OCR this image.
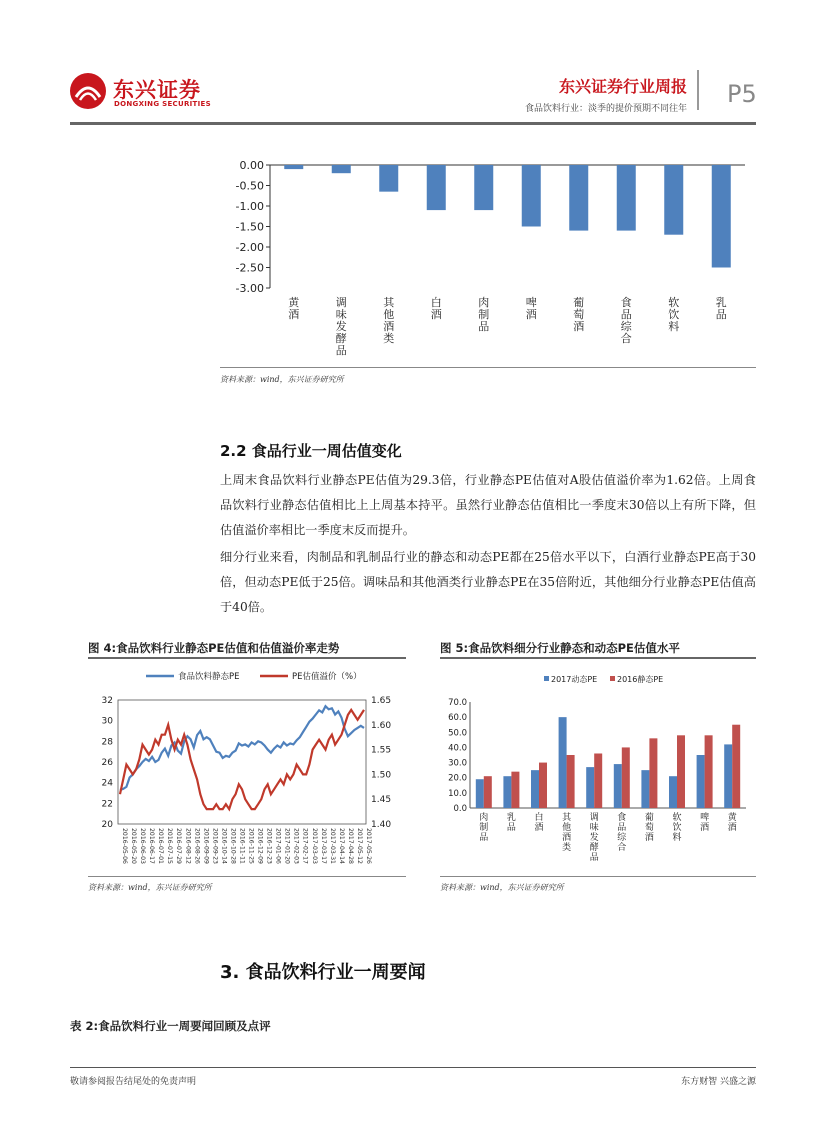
东兴证券
DONGXING SECURITIES
东兴证券行业周报
食品饮料行业：淡季的提价预期不同往年
P5
0.00
-0.50
-1.00
-1.50
-2.00
-2.50
-3.00
黄
酒
调
味
发
酵
品
其
他
酒
类
白
酒
肉
制
品
啤
酒
葡
萄
酒
食
品
综
合
软
饮
料
乳
品
资料来源：wind，东兴证券研究所
2.2 食品行业一周估值变化
上周末食品饮料行业静态PE估值为29.3倍，行业静态PE估值对A股估值溢价率为1.62倍。上周食品饮料行业静态估值相比上上周基本持平。虽然行业静态估值相比一季度末30倍以上有所下降，但估值溢价率相比一季度末反而提升。
细分行业来看，肉制品和乳制品行业的静态和动态PE都在25倍水平以下，白酒行业静态PE高于30倍，但动态PE低于25倍。调味品和其他酒类行业静态PE在35倍附近，其他细分行业静态PE估值高于40倍。
图 4:食品饮料行业静态PE估值和估值溢价率走势	图 5:食品饮料细分行业静态和动态PE估值水平
20
22
24
26
28
30
32
1.40
1.45
1.50
1.55
1.60
1.65
食品饮料静态PE	PE估值溢价（%）
2016-05-06 2016-05-20 2016-06-03 2016-06-17 2016-07-01 2016-07-15 2016-07-29 2016-08-12 2016-08-26 2016-09-09 2016-09-23 2016-10-14 2016-10-28 2016-11-11 2016-11-25 2016-12-09 2016-12-23 2017-01-06 2017-01-20 2017-02-03 2017-02-17 2017-03-03 2017-03-17 2017-03-31 2017-04-14 2017-04-28 2017-05-12 2017-05-26
资料来源：wind，东兴证券研究所
0.0
10.0
20.0
30.0
40.0
50.0
60.0
70.0
2017动态PE 2016静态PE
肉
制
品
乳
品
白
酒
其
他
酒
类
调
味
发
酵
品
食
品
综
合
葡
萄
酒
软
饮
料
啤
酒
黄
酒
资料来源：wind，东兴证券研究所
3. 食品饮料行业一周要闻
表 2:食品饮料行业一周要闻回顾及点评
敬请参阅报告结尾处的免责声明	东方财智 兴盛之源
